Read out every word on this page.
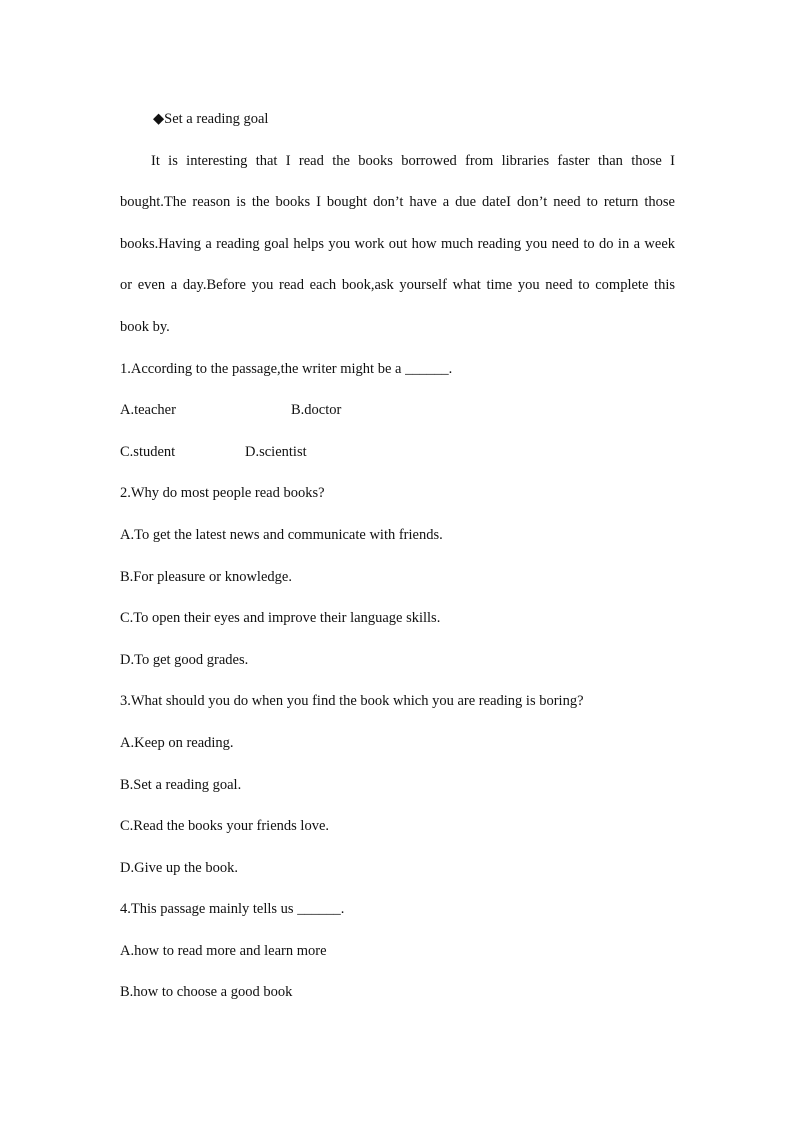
◆Set a reading goal
It is interesting that I read the books borrowed from libraries faster than those I bought.The reason is the books I bought don’t have a due dateI don’t need to return those books.Having a reading goal helps you work out how much reading you need to do in a week or even a day.Before you read each book,ask yourself what time you need to complete this book by.
1.According to the passage,the writer might be a ______.
A.teacher	B.doctor
C.student	D.scientist
2.Why do most people read books?
A.To get the latest news and communicate with friends.
B.For pleasure or knowledge.
C.To open their eyes and improve their language skills.
D.To get good grades.
3.What should you do when you find the book which you are reading is boring?
A.Keep on reading.
B.Set a reading goal.
C.Read the books your friends love.
D.Give up the book.
4.This passage mainly tells us ______.
A.how to read more and learn more
B.how to choose a good book
